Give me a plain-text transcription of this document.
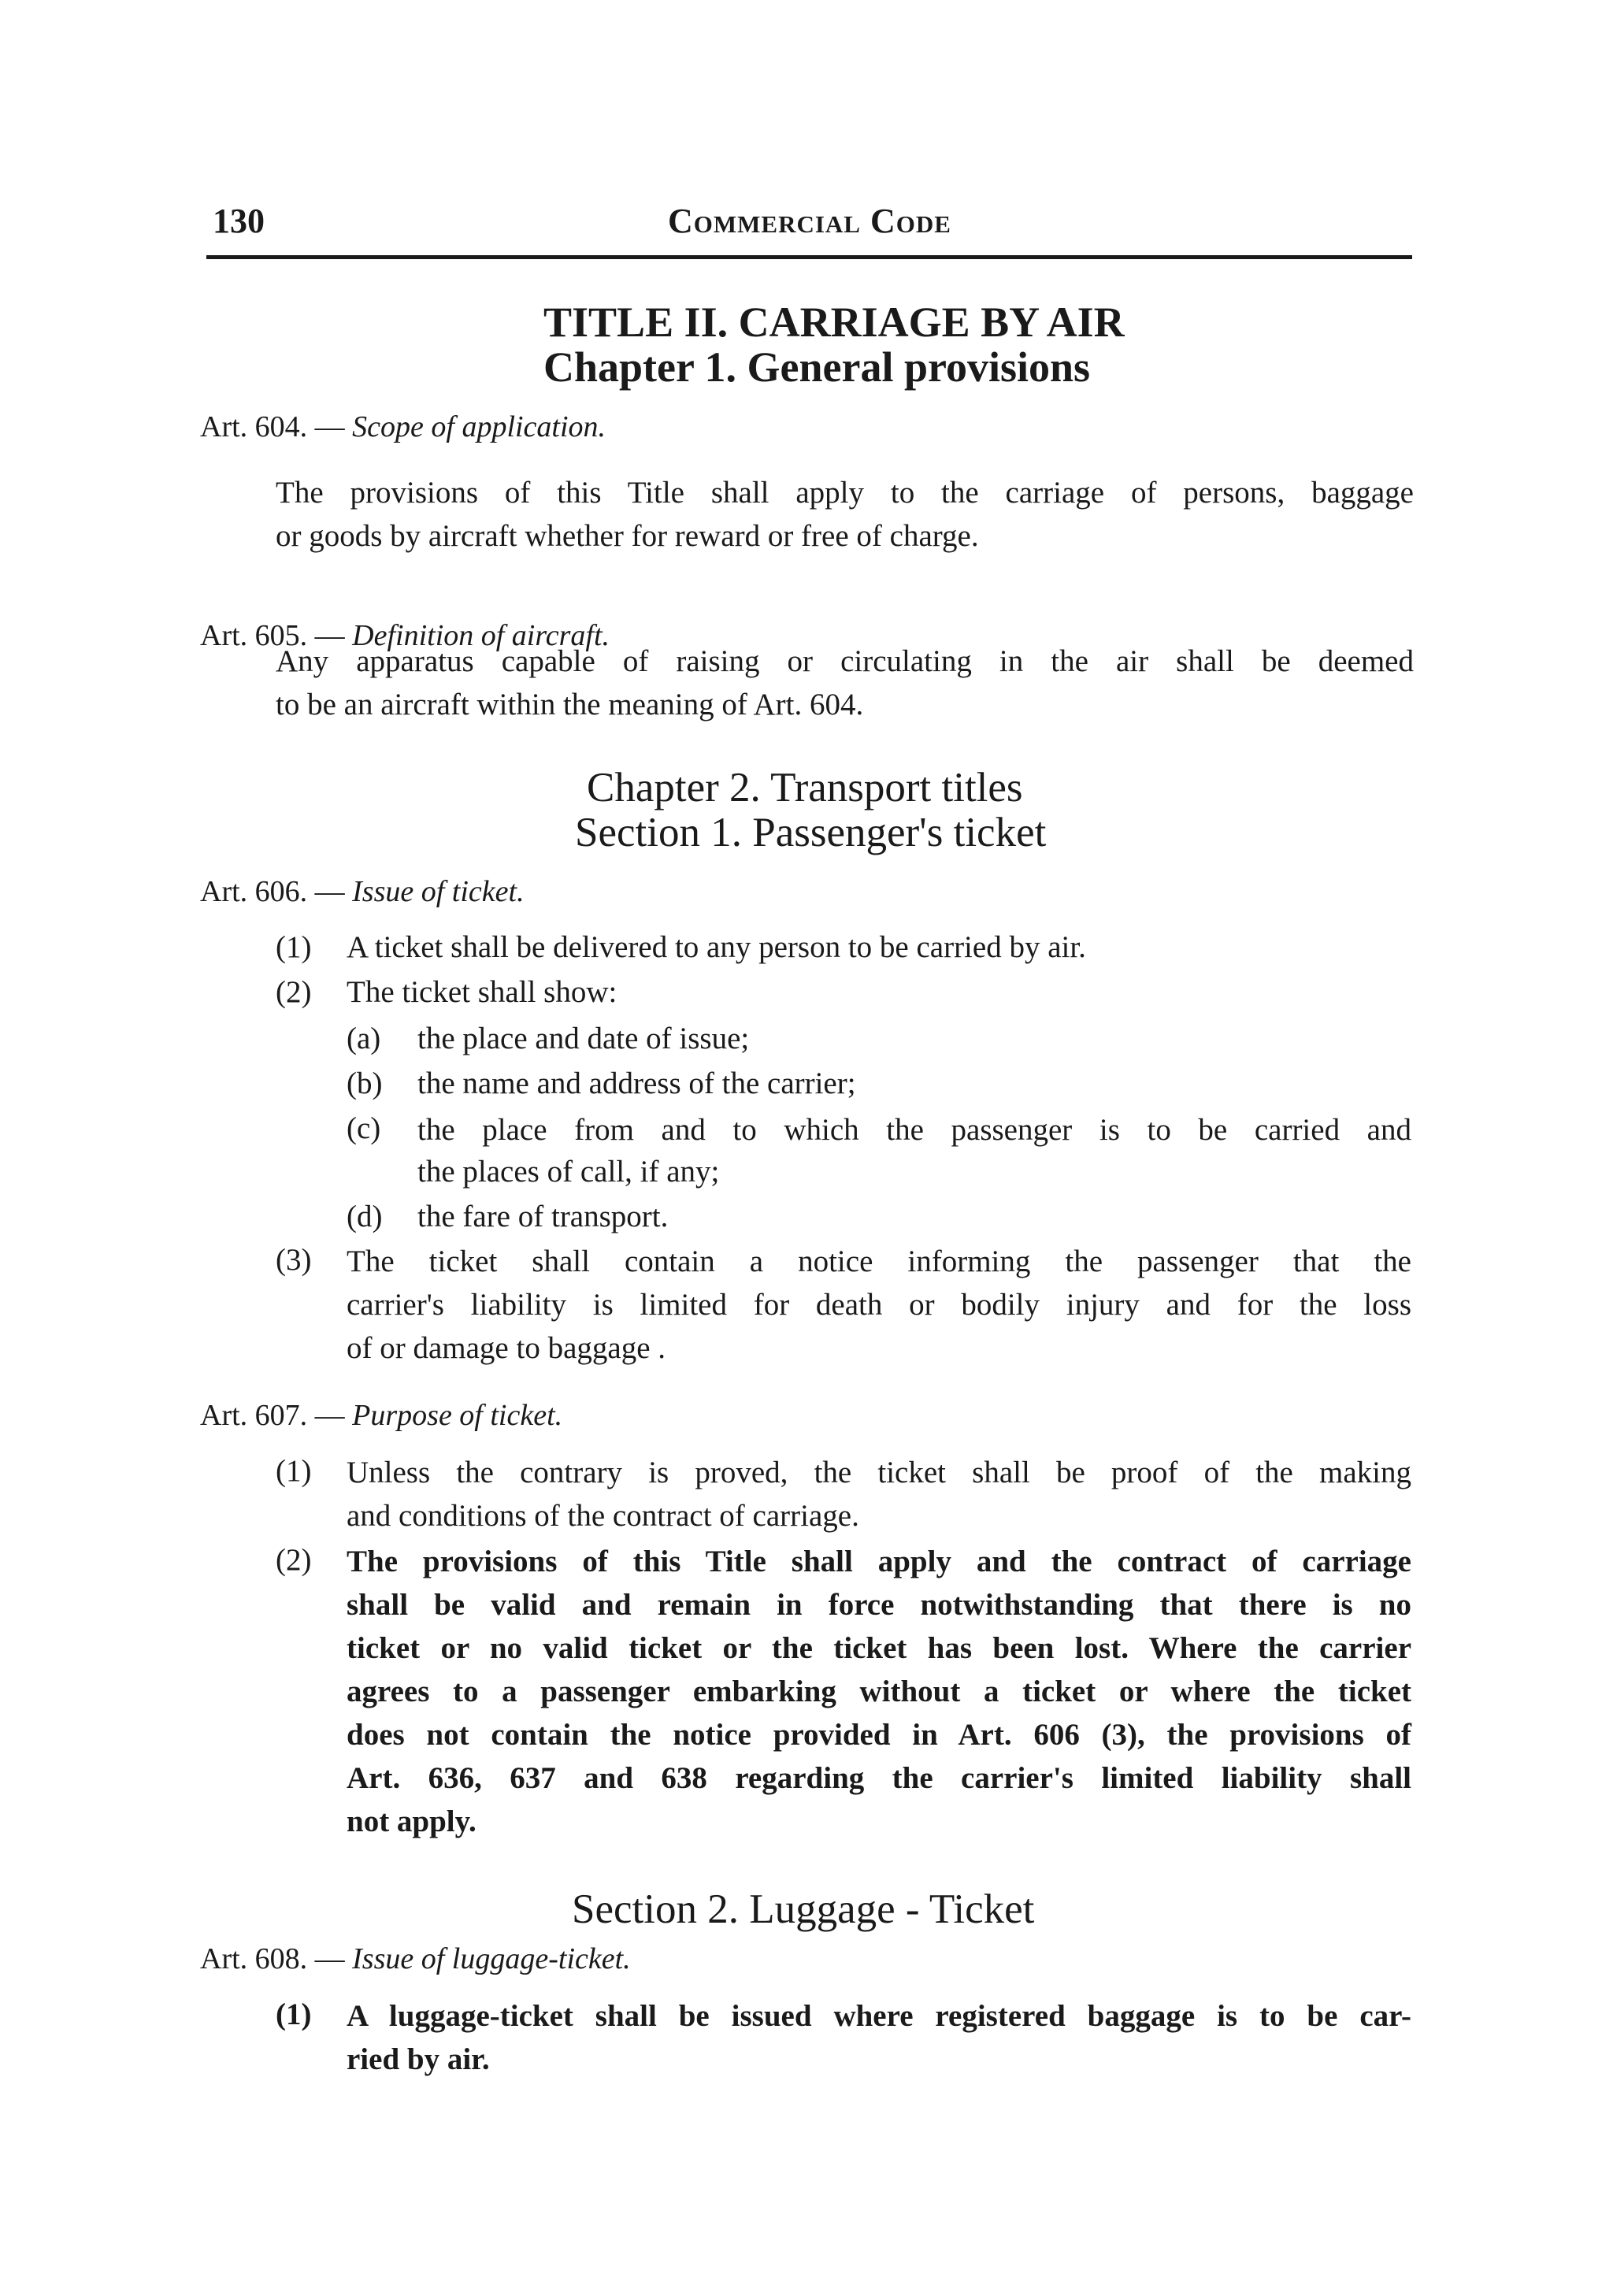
130	Commercial Code
TITLE II. CARRIAGE BY AIR
Chapter 1. General provisions
Art. 604. — Scope of application.
The provisions of this Title shall apply to the carriage of persons, baggage
or goods by aircraft whether for reward or free of charge.
Art. 605. — Definition of aircraft.
Any apparatus capable of raising or circulating in the air shall be deemed
to be an aircraft within the meaning of Art. 604.
Chapter 2. Transport titles
Section 1. Passenger's ticket
Art. 606. — Issue of ticket.
(1) A ticket shall be delivered to any person to be carried by air.
(2) The ticket shall show:
(a) the place and date of issue;
(b) the name and address of the carrier;
(c) the place from and to which the passenger is to be carried and
the places of call, if any;
(d) the fare of transport.
(3) The ticket shall contain a notice informing the passenger that the
carrier's liability is limited for death or bodily injury and for the loss
of or damage to baggage .
Art. 607. — Purpose of ticket.
(1) Unless the contrary is proved, the ticket shall be proof of the making
and conditions of the contract of carriage.
(2) The provisions of this Title shall apply and the contract of carriage
shall be valid and remain in force notwithstanding that there is no
ticket or no valid ticket or the ticket has been lost. Where the carrier
agrees to a passenger embarking without a ticket or where the ticket
does not contain the notice provided in Art. 606 (3), the provisions of
Art. 636, 637 and 638 regarding the carrier's limited liability shall
not apply.
Section 2. Luggage - Ticket
Art. 608. — Issue of luggage-ticket.
(1) A luggage-ticket shall be issued where registered baggage is to be car-
ried by air.
